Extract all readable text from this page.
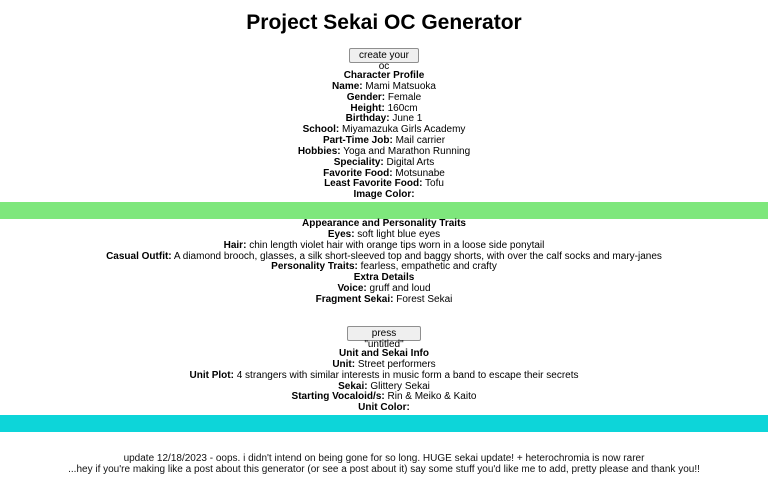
Project Sekai OC Generator
create your oc
Character Profile
Name: Mami Matsuoka
Gender: Female
Height: 160cm
Birthday: June 1
School: Miyamazuka Girls Academy
Part-Time Job: Mail carrier
Hobbies: Yoga and Marathon Running
Speciality: Digital Arts
Favorite Food: Motsunabe
Least Favorite Food: Tofu
Image Color:
Appearance and Personality Traits
Eyes: soft light blue eyes
Hair: chin length violet hair with orange tips worn in a loose side ponytail
Casual Outfit: A diamond brooch, glasses, a silk short-sleeved top and baggy shorts, with over the calf socks and mary-janes
Personality Traits: fearless, empathetic and crafty
Extra Details
Voice: gruff and loud
Fragment Sekai: Forest Sekai
press "untitled"
Unit and Sekai Info
Unit: Street performers
Unit Plot: 4 strangers with similar interests in music form a band to escape their secrets
Sekai: Glittery Sekai
Starting Vocaloid/s: Rin & Meiko & Kaito
Unit Color:
update 12/18/2023 - oops. i didn't intend on being gone for so long. HUGE sekai update! + heterochromia is now rarer
...hey if you're making like a post about this generator (or see a post about it) say some stuff you'd like me to add, pretty please and thank you!!
